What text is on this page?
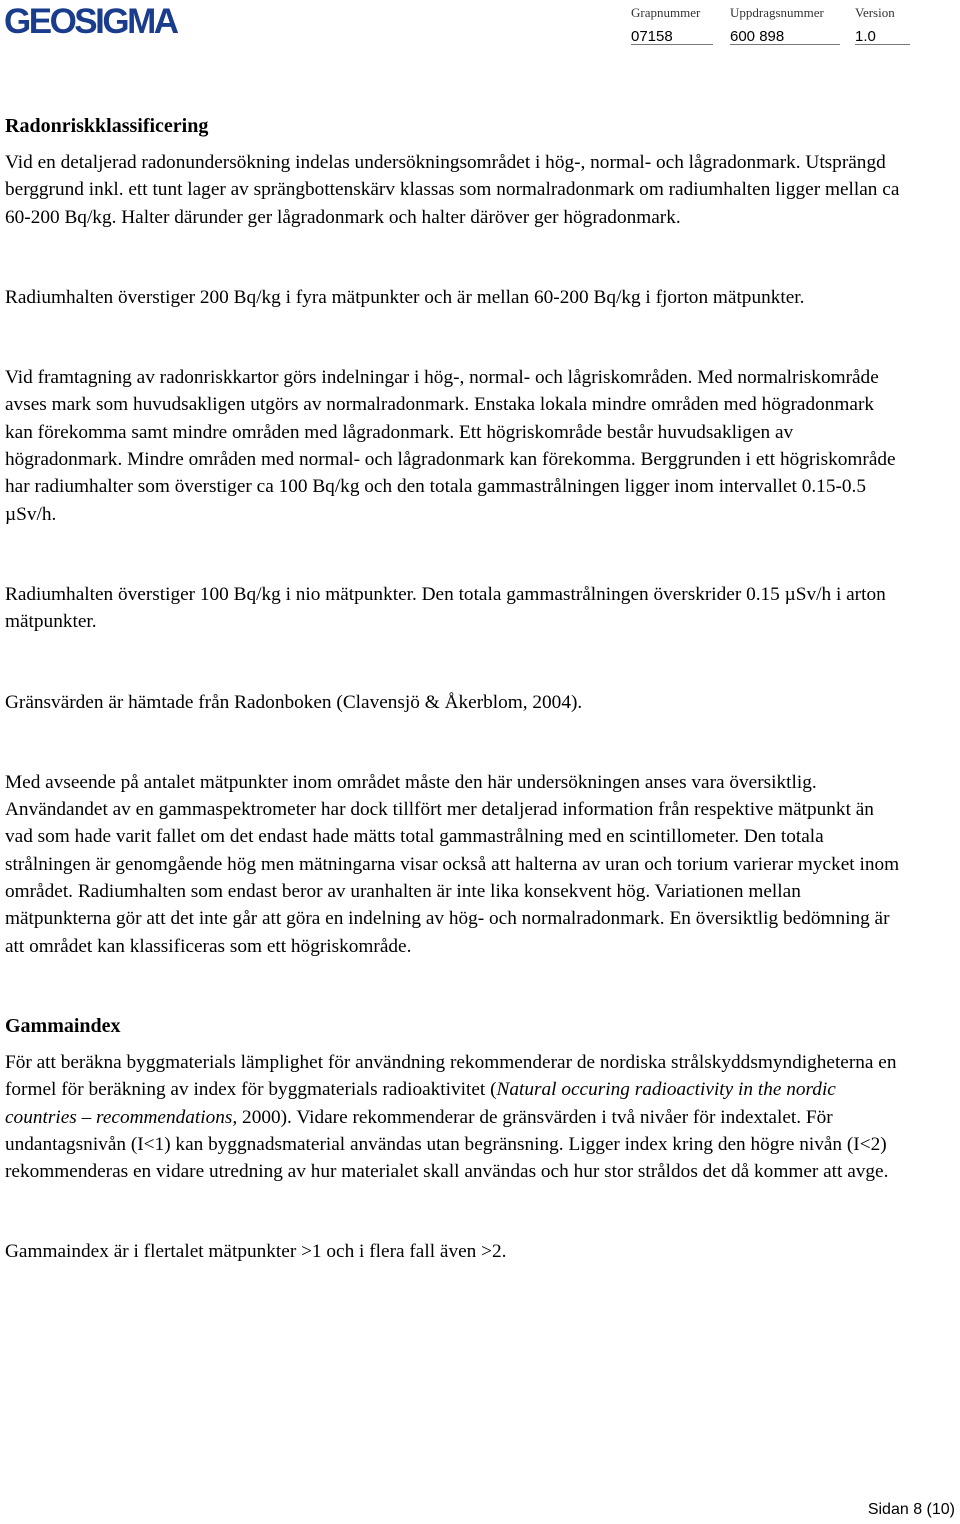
GEOSIGMA	Grapnummer
07158
Uppdragsnummer
600 898
Version
1.0
Radonriskklassificering

Vid en detaljerad radonundersökning indelas undersökningsområdet i hög-, normal- och lågradonmark. Utsprängd berggrund inkl. ett tunt lager av sprängbottenskärv klassas som normalradonmark om radiumhalten ligger mellan ca 60-200 Bq/kg. Halter därunder ger lågradonmark och halter däröver ger högradonmark.

Radiumhalten överstiger 200 Bq/kg i fyra mätpunkter och är mellan 60-200 Bq/kg i fjorton mätpunkter.

Vid framtagning av radonriskkartor görs indelningar i hög-, normal- och lågriskområden. Med normalriskområde avses mark som huvudsakligen utgörs av normalradonmark. Enstaka lokala mindre områden med högradonmark kan förekomma samt mindre områden med lågradonmark. Ett högriskområde består huvudsakligen av högradonmark. Mindre områden med normal- och lågradonmark kan förekomma. Berggrunden i ett högriskområde har radiumhalter som överstiger ca 100 Bq/kg och den totala gammastrålningen ligger inom intervallet 0.15-0.5 µSv/h.

Radiumhalten överstiger 100 Bq/kg i nio mätpunkter. Den totala gammastrålningen överskrider 0.15 µSv/h i arton mätpunkter.

Gränsvärden är hämtade från Radonboken (Clavensjö & Åkerblom, 2004).

Med avseende på antalet mätpunkter inom området måste den här undersökningen anses vara översiktlig. Användandet av en gammaspektrometer har dock tillfört mer detaljerad information från respektive mätpunkt än vad som hade varit fallet om det endast hade mätts total gammastrålning med en scintillometer. Den totala strålningen är genomgående hög men mätningarna visar också att halterna av uran och torium varierar mycket inom området. Radiumhalten som endast beror av uranhalten är inte lika konsekvent hög. Variationen mellan mätpunkterna gör att det inte går att göra en indelning av hög- och normalradonmark. En översiktlig bedömning är att området kan klassificeras som ett högriskområde.

Gammaindex

För att beräkna byggmaterials lämplighet för användning rekommenderar de nordiska strålskyddsmyndigheterna en formel för beräkning av index för byggmaterials radioaktivitet (Natural occuring radioactivity in the nordic countries – recommendations, 2000). Vidare rekommenderar de gränsvärden i två nivåer för indextalet. För undantagsnivån (I<1) kan byggnadsmaterial användas utan begränsning. Ligger index kring den högre nivån (I<2) rekommenderas en vidare utredning av hur materialet skall användas och hur stor stråldos det då kommer att avge.

Gammaindex är i flertalet mätpunkter >1 och i flera fall även >2.

Sidan 8 (10)
